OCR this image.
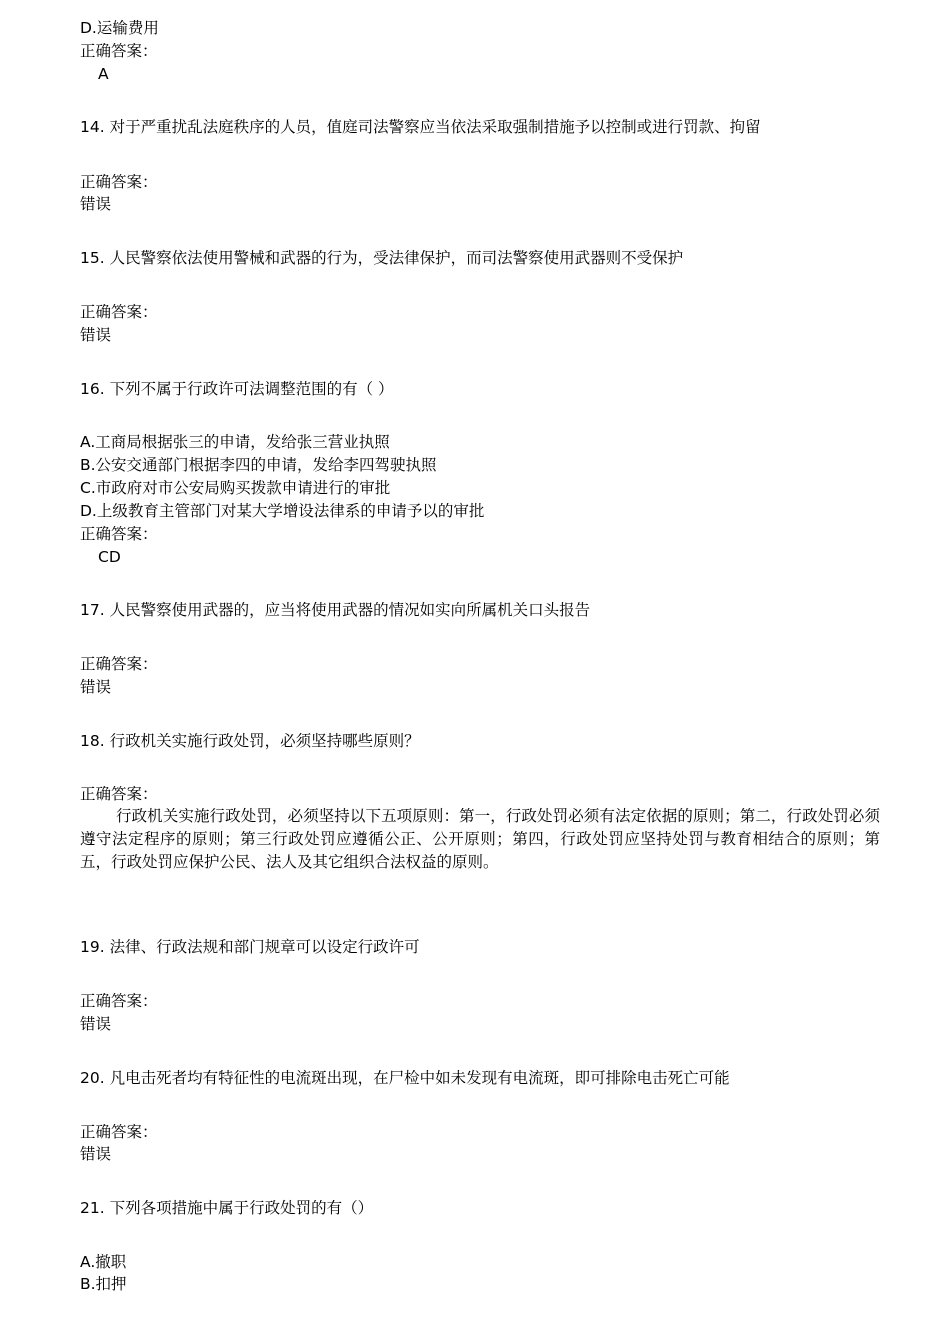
D.运输费用
正确答案：
A
14. 对于严重扰乱法庭秩序的人员，值庭司法警察应当依法采取强制措施予以控制或进行罚款、拘留
正确答案：
错误
15. 人民警察依法使用警械和武器的行为，受法律保护，而司法警察使用武器则不受保护
正确答案：
错误
16. 下列不属于行政许可法调整范围的有（ ）
A.工商局根据张三的申请，发给张三营业执照
B.公安交通部门根据李四的申请，发给李四驾驶执照
C.市政府对市公安局购买拨款申请进行的审批
D.上级教育主管部门对某大学增设法律系的申请予以的审批
正确答案：
CD
17. 人民警察使用武器的，应当将使用武器的情况如实向所属机关口头报告
正确答案：
错误
18. 行政机关实施行政处罚，必须坚持哪些原则？
正确答案：
行政机关实施行政处罚，必须坚持以下五项原则：第一，行政处罚必须有法定依据的原则；第二，行政处罚必须遵守法定程序的原则；第三行政处罚应遵循公正、公开原则；第四，行政处罚应坚持处罚与教育相结合的原则；第五，行政处罚应保护公民、法人及其它组织合法权益的原则。
19. 法律、行政法规和部门规章可以设定行政许可
正确答案：
错误
20. 凡电击死者均有特征性的电流斑出现，在尸检中如未发现有电流斑，即可排除电击死亡可能
正确答案：
错误
21. 下列各项措施中属于行政处罚的有（）
A.撤职
B.扣押
